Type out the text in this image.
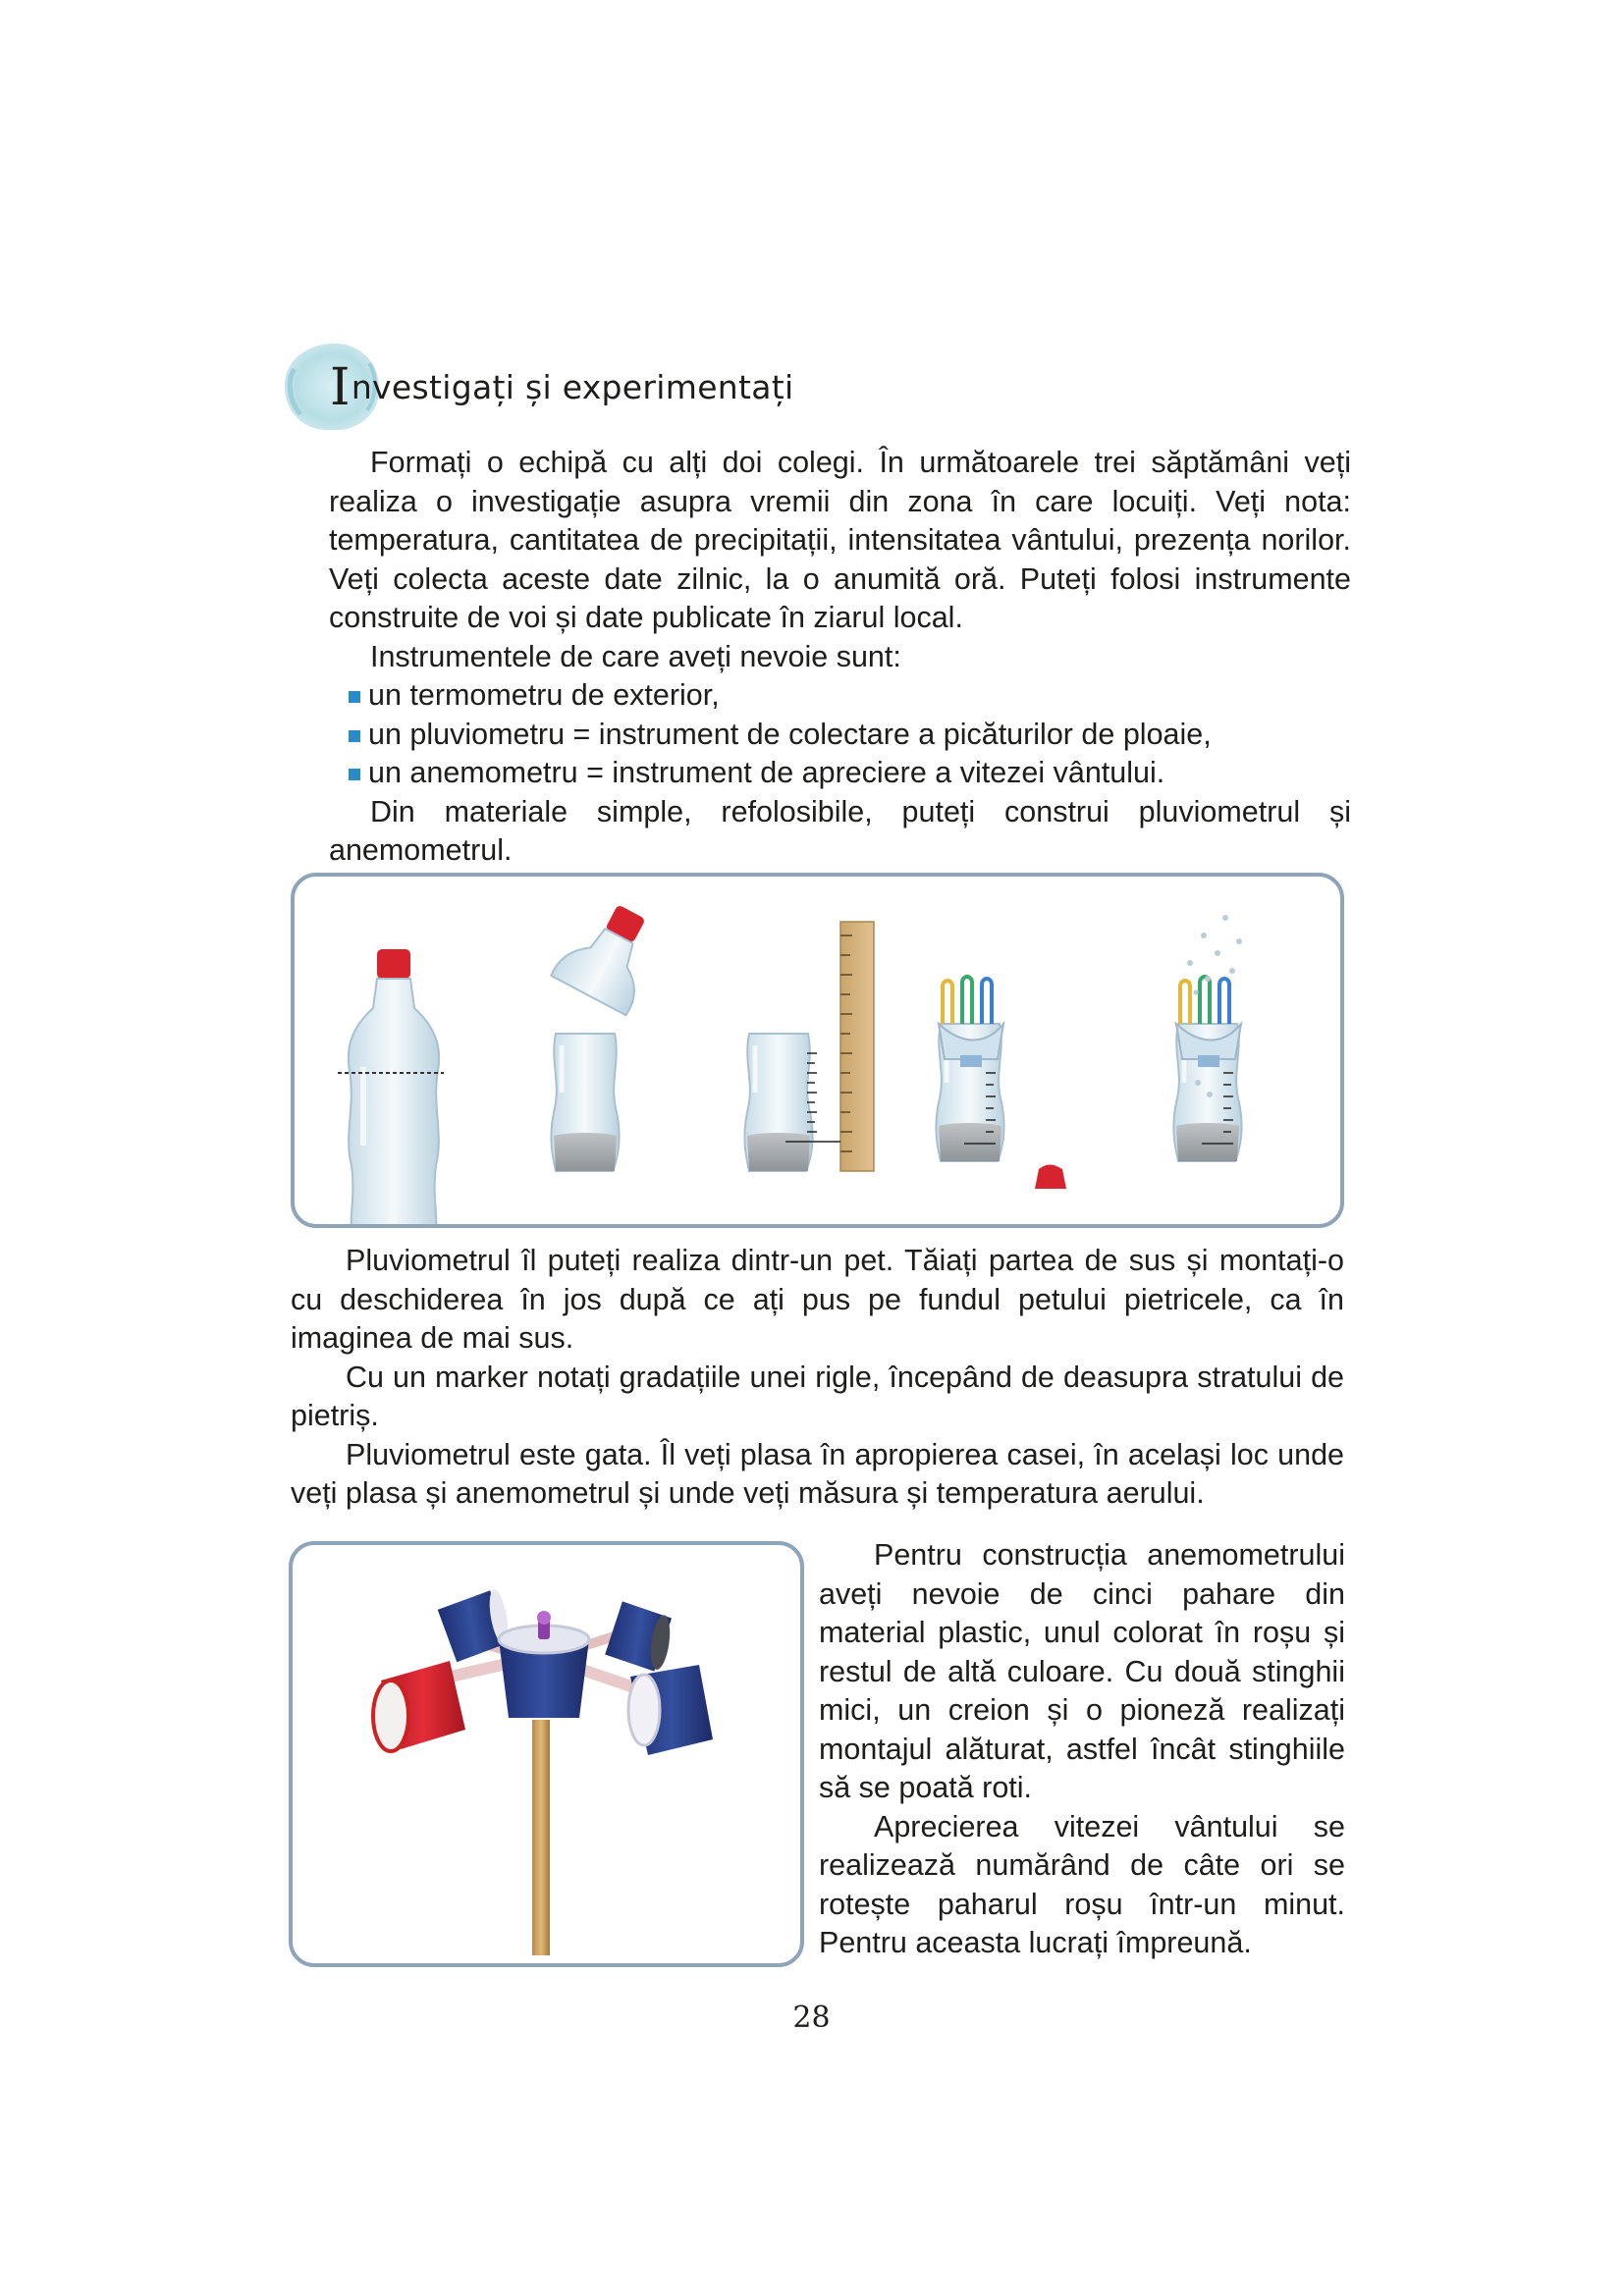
Investigați și experimentați

Formați o echipă cu alți doi colegi. În următoarele trei săptămâni veți realiza o investigație asupra vremii din zona în care locuiți. Veți nota: temperatura, cantitatea de precipitații, intensitatea vântului, prezența norilor. Veți colecta aceste date zilnic, la o anumită oră. Puteți folosi instrumente construite de voi și date publicate în ziarul local.

Instrumentele de care aveți nevoie sunt:

un termometru de exterior,
un pluviometru = instrument de colectare a picăturilor de ploaie,
un anemometru = instrument de apreciere a vitezei vântului.

Din materiale simple, refolosibile, puteți construi pluviometrul și anemometrul.

Pluviometrul îl puteți realiza dintr-un pet. Tăiați partea de sus și montați-o cu deschiderea în jos după ce ați pus pe fundul petului pietricele, ca în imaginea de mai sus.

Cu un marker notați gradațiile unei rigle, începând de deasupra stratului de pietriș.

Pluviometrul este gata. Îl veți plasa în apropierea casei, în același loc unde veți plasa și anemometrul și unde veți măsura și temperatura aerului.

Pentru construcția anemometrului aveți nevoie de cinci pahare din material plastic, unul colorat în roșu și restul de altă culoare. Cu două stinghii mici, un creion și o pioneză realizați montajul alăturat, astfel încât stinghiile să se poată roti.

Aprecierea vitezei vântului se realizează numărând de câte ori se rotește paharul roșu într-un minut. Pentru aceasta lucrați împreună.

28
